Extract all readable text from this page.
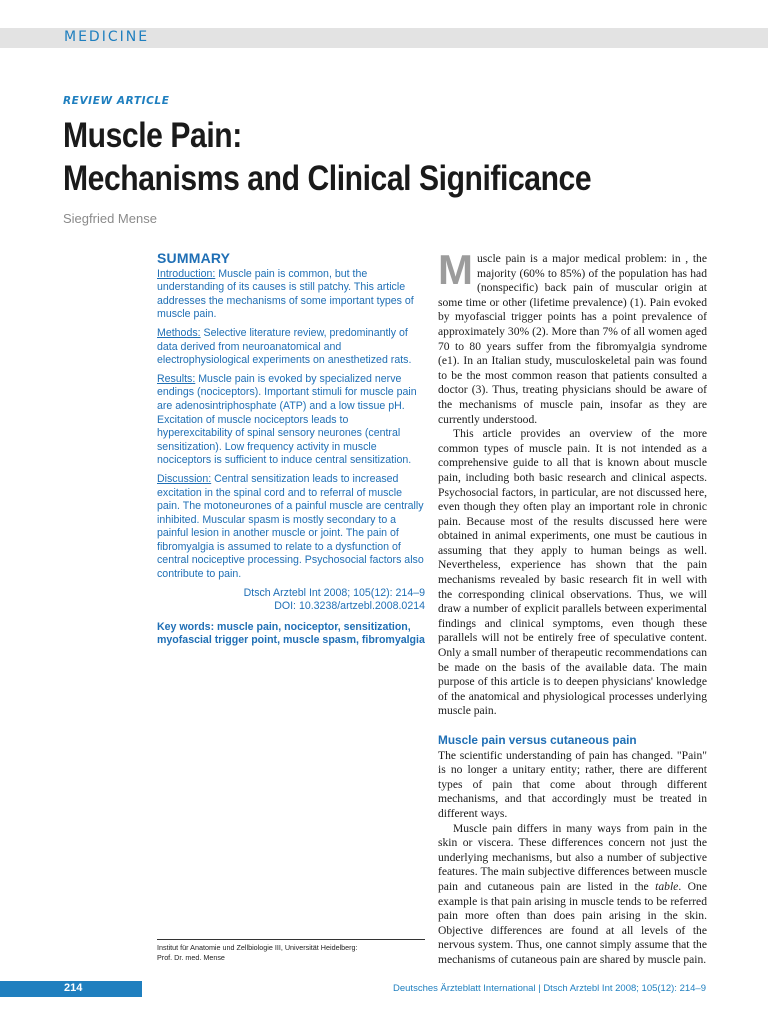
MEDICINE
REVIEW ARTICLE
Muscle Pain:
Mechanisms and Clinical Significance
Siegfried Mense
SUMMARY

Introduction: Muscle pain is common, but the understanding of its causes is still patchy. This article addresses the mechanisms of some important types of muscle pain.

Methods: Selective literature review, predominantly of data derived from neuroanatomical and electrophysiological experiments on anesthetized rats.

Results: Muscle pain is evoked by specialized nerve endings (nociceptors). Important stimuli for muscle pain are adenosintriphosphate (ATP) and a low tissue pH. Excitation of muscle nociceptors leads to hyperexcitability of spinal sensory neurones (central sensitization). Low frequency activity in muscle nociceptors is sufficient to induce central sensitization.

Discussion: Central sensitization leads to increased excitation in the spinal cord and to referral of muscle pain. The motoneurones of a painful muscle are centrally inhibited. Muscular spasm is mostly secondary to a painful lesion in another muscle or joint. The pain of fibromyalgia is assumed to relate to a dysfunction of central nociceptive processing. Psychosocial factors also contribute to pain.

Dtsch Arztebl Int 2008; 105(12): 214–9
DOI: 10.3238/artzebl.2008.0214
Key words: muscle pain, nociceptor, sensitization, myofascial trigger point, muscle spasm, fibromyalgia
Institut für Anatomie und Zellbiologie III, Universität Heidelberg:
Prof. Dr. med. Mense

Muscle pain is a major medical problem: in , the majority (60% to 85%) of the population has had (nonspecific) back pain of muscular origin at some time or other (lifetime prevalence) (1). Pain evoked by myofascial trigger points has a point prevalence of approximately 30% (2). More than 7% of all women aged 70 to 80 years suffer from the fibromyalgia syndrome (e1). In an Italian study, musculoskeletal pain was found to be the most common reason that patients consulted a doctor (3). Thus, treating physicians should be aware of the mechanisms of muscle pain, insofar as they are currently understood.

This article provides an overview of the more common types of muscle pain. It is not intended as a comprehensive guide to all that is known about muscle pain, including both basic research and clinical aspects. Psychosocial factors, in particular, are not discussed here, even though they often play an important role in chronic pain. Because most of the results discussed here were obtained in animal experiments, one must be cautious in assuming that they apply to human beings as well. Nevertheless, experience has shown that the pain mechanisms revealed by basic research fit in well with the corresponding clinical observations. Thus, we will draw a number of explicit parallels between experimental findings and clinical symptoms, even though these parallels will not be entirely free of speculative content. Only a small number of therapeutic recommendations can be made on the basis of the available data. The main purpose of this article is to deepen physicians' knowledge of the anatomical and physiological processes underlying muscle pain.

Muscle pain versus cutaneous pain

The scientific understanding of pain has changed. "Pain" is no longer a unitary entity; rather, there are different types of pain that come about through different mechanisms, and that accordingly must be treated in different ways.

Muscle pain differs in many ways from pain in the skin or viscera. These differences concern not just the underlying mechanisms, but also a number of subjective features. The main subjective differences between muscle pain and cutaneous pain are listed in the table. One example is that pain arising in muscle tends to be referred pain more often than does pain arising in the skin. Objective differences are found at all levels of the nervous system. Thus, one cannot simply assume that the mechanisms of cutaneous pain are shared by muscle pain.

214	Deutsches Ärzteblatt International | Dtsch Arztebl Int 2008; 105(12): 214–9
